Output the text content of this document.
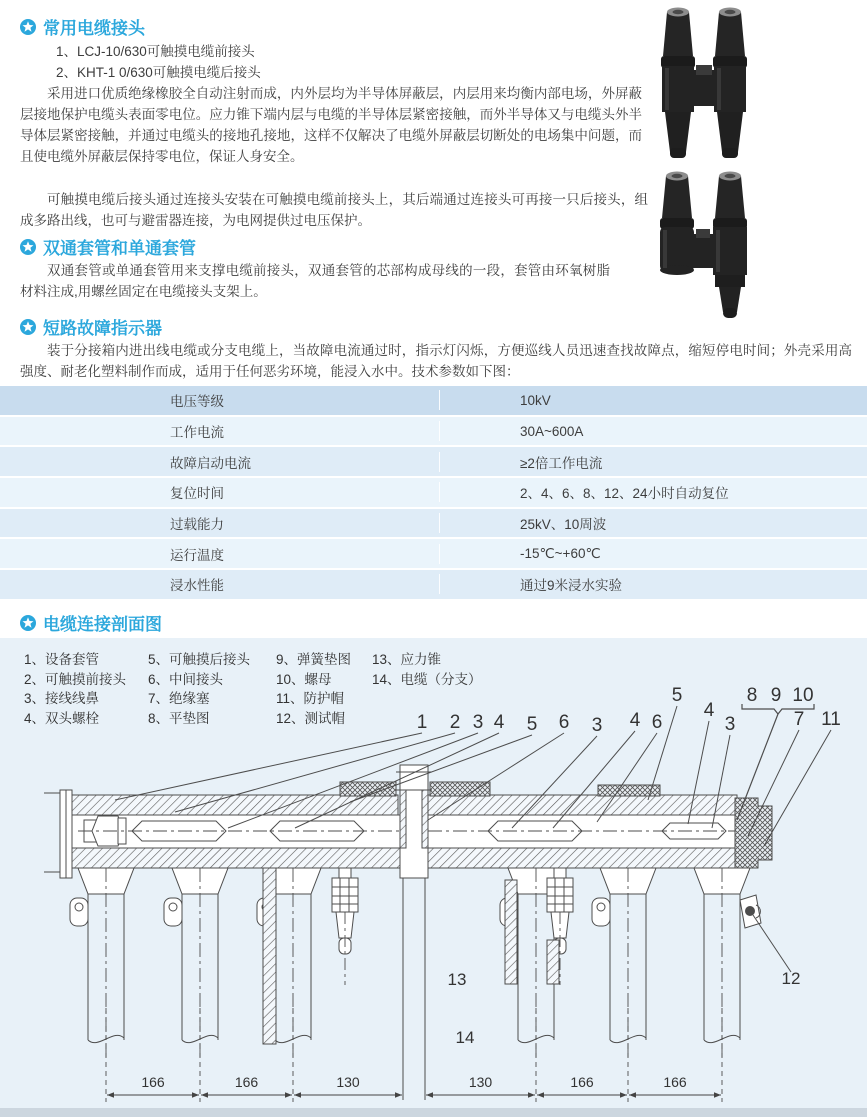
常用电缆接头
1、LCJ-10/630可触摸电缆前接头
2、KHT-1 0/630可触摸电缆后接头
采用进口优质绝缘橡胶全自动注射而成，内外层均为半导体屏蔽层，内层用来均衡内部电场，外屏蔽层接地保护电缆头表面零电位。应力锥下端内层与电缆的半导体层紧密接触，而外半导体又与电缆头外半导体层紧密接触，并通过电缆头的接地孔接地，这样不仅解决了电缆外屏蔽层切断处的电场集中问题，而且使电缆外屏蔽层保持零电位，保证人身安全。
可触摸电缆后接头通过连接头安装在可触摸电缆前接头上，其后端通过连接头可再接一只后接头，组成多路出线，也可与避雷器连接，为电网提供过电压保护。
双通套管和单通套管
双通套管或单通套管用来支撑电缆前接头，双通套管的芯部构成母线的一段，套管由环氧树脂材料注成,用螺丝固定在电缆接头支架上。
短路故障指示器
装于分接箱内进出线电缆或分支电缆上，当故障电流通过时，指示灯闪烁，方便巡线人员迅速查找故障点，缩短停电时间；外壳采用高强度、耐老化塑料制作而成，适用于任何恶劣环境，能浸入水中。技术参数如下图：
电压等级	10kV
工作电流	30A~600A
故障启动电流	≥2倍工作电流
复位时间	2、4、6、8、12、24小时自动复位
过载能力	25kV、10周波
运行温度	-15℃~+60℃
浸水性能	通过9米浸水实验
电缆连接剖面图
1、设备套管
2、可触摸前接头
3、接线线鼻
4、双头螺栓
5、可触摸后接头
6、中间接头
7、绝缘塞
8、平垫图
9、弹簧垫图
10、螺母
11、防护帽
12、测试帽
13、应力锥
14、电缆（分支）
1 2 3 4 5 6 3 4 6
5
4
3	7 11
8 9 10
13
14
12
166	166	130	130	166	166
